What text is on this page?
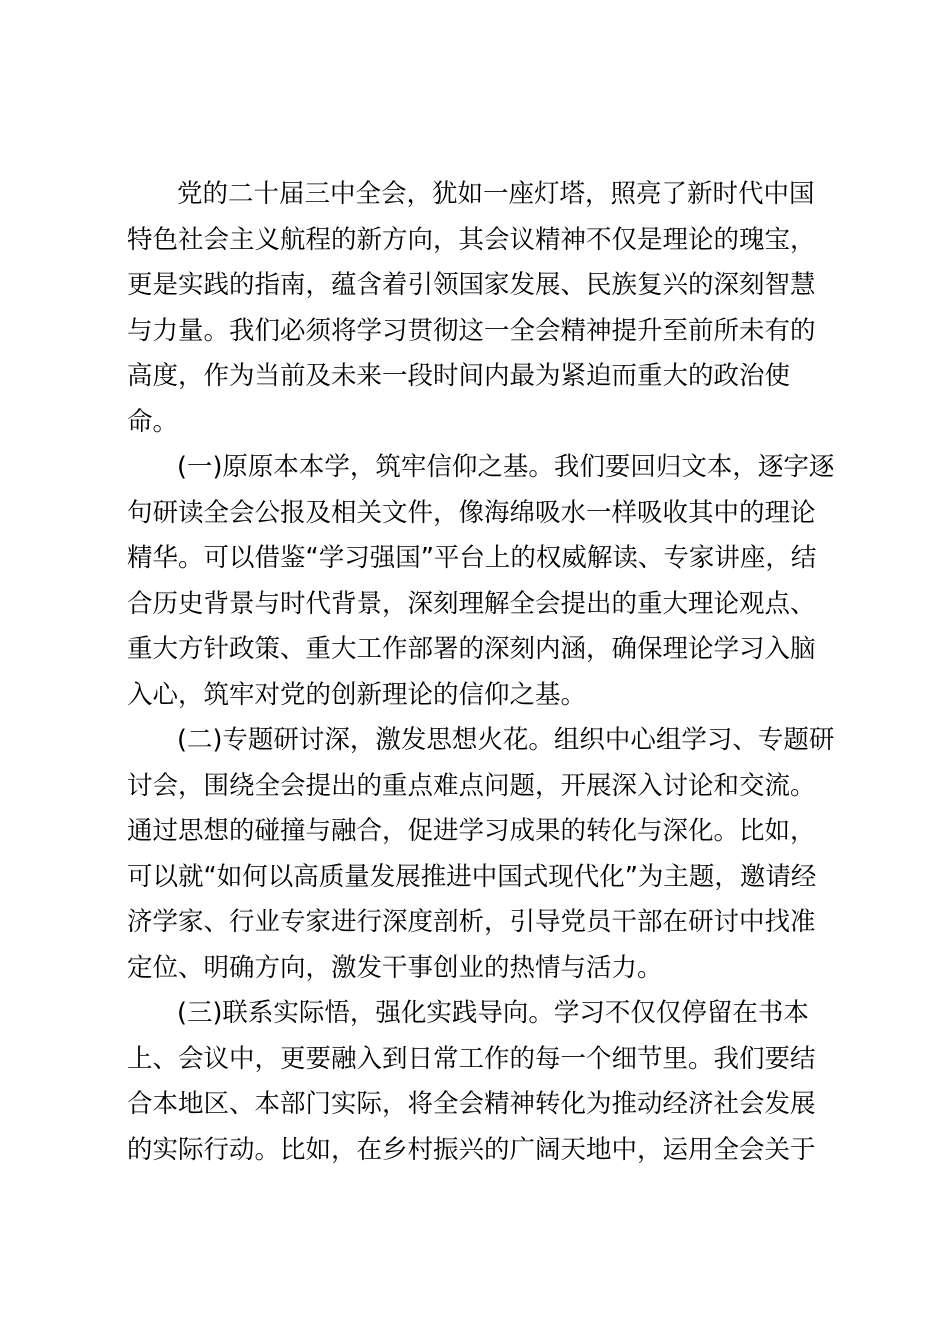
党的二十届三中全会，犹如一座灯塔，照亮了新时代中国
特色社会主义航程的新方向，其会议精神不仅是理论的瑰宝，
更是实践的指南，蕴含着引领国家发展、民族复兴的深刻智慧
与力量。我们必须将学习贯彻这一全会精神提升至前所未有的
高度，作为当前及未来一段时间内最为紧迫而重大的政治使
命。
(一)原原本本学，筑牢信仰之基。我们要回归文本，逐字逐
句研读全会公报及相关文件，像海绵吸水一样吸收其中的理论
精华。可以借鉴“学习强国”平台上的权威解读、专家讲座，结
合历史背景与时代背景，深刻理解全会提出的重大理论观点、
重大方针政策、重大工作部署的深刻内涵，确保理论学习入脑
入心，筑牢对党的创新理论的信仰之基。
(二)专题研讨深，激发思想火花。组织中心组学习、专题研
讨会，围绕全会提出的重点难点问题，开展深入讨论和交流。
通过思想的碰撞与融合，促进学习成果的转化与深化。比如，
可以就“如何以高质量发展推进中国式现代化”为主题，邀请经
济学家、行业专家进行深度剖析，引导党员干部在研讨中找准
定位、明确方向，激发干事创业的热情与活力。
(三)联系实际悟，强化实践导向。学习不仅仅停留在书本
上、会议中，更要融入到日常工作的每一个细节里。我们要结
合本地区、本部门实际，将全会精神转化为推动经济社会发展
的实际行动。比如，在乡村振兴的广阔天地中，运用全会关于
